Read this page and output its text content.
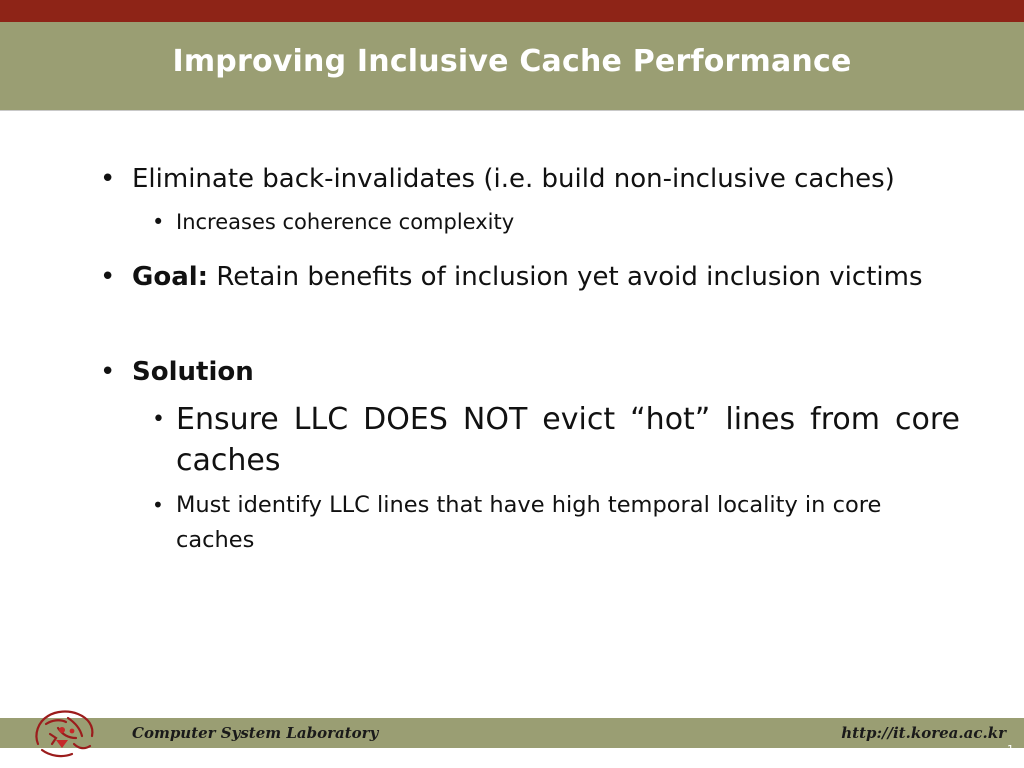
Improving Inclusive Cache Performance
• Eliminate back-invalidates (i.e. build non-inclusive caches)
• Increases coherence complexity
• Goal: Retain benefits of inclusion yet avoid inclusion victims
• Solution
• Ensure LLC DOES NOT evict “hot” lines from core caches
• Must identify LLC lines that have high temporal locality in core caches
Computer System Laboratory	http://it.korea.ac.kr
1
